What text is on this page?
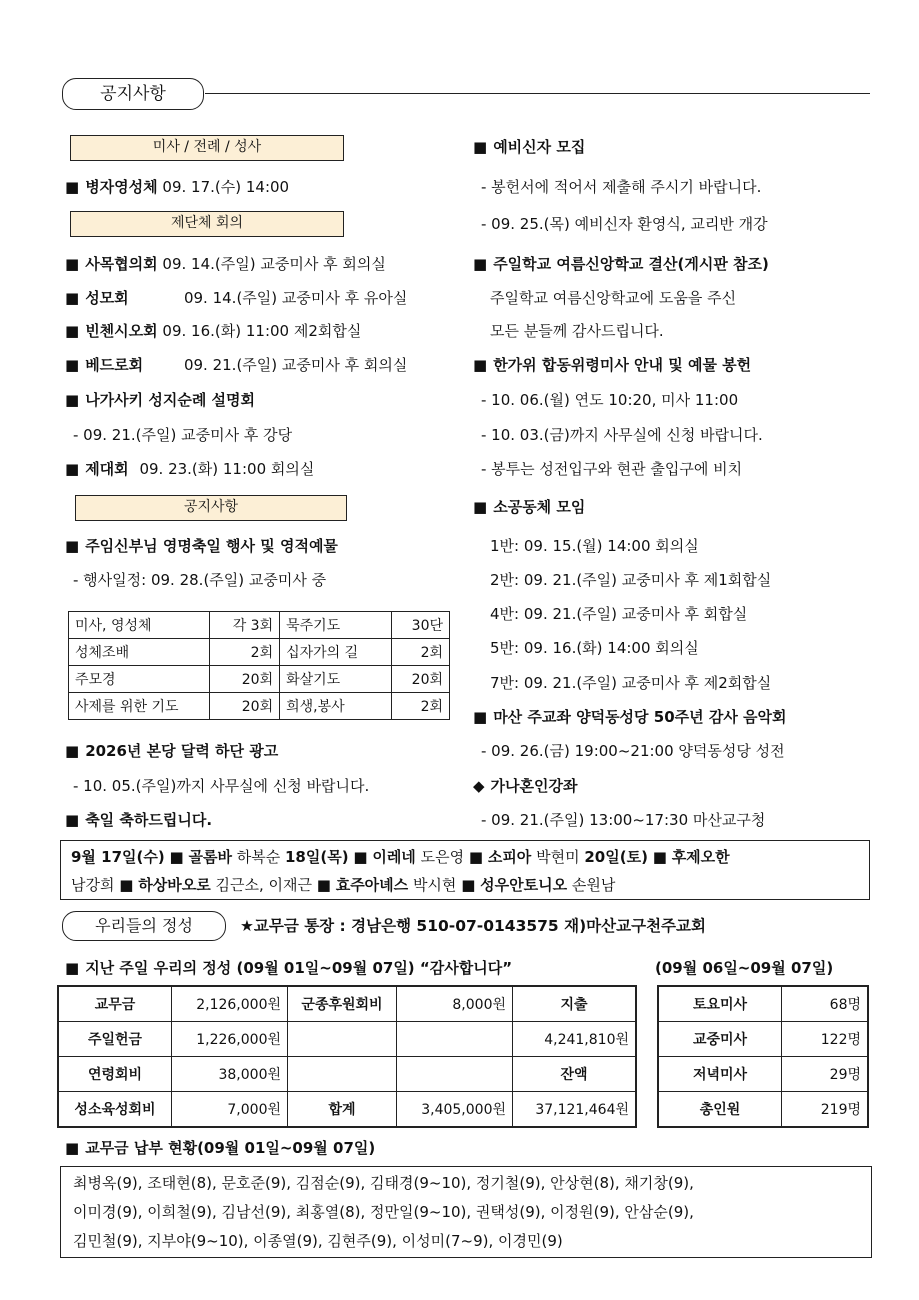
공지사항
미사 / 전례 / 성사
■ 병자영성체 09. 17.(수) 14:00
제단체 회의
■ 사목협의회 09. 14.(주일) 교중미사 후 회의실
■ 성모회	09. 14.(주일) 교중미사 후 유아실
■ 빈첸시오회 09. 16.(화) 11:00 제2회합실
■ 베드로회	09. 21.(주일) 교중미사 후 회의실
■ 나가사키 성지순례 설명회
- 09. 21.(주일) 교중미사 후 강당
■ 제대회 09. 23.(화) 11:00 회의실
공지사항
■ 주임신부님 영명축일 행사 및 영적예물
- 행사일정: 09. 28.(주일) 교중미사 중
미사, 영성체	각 3회	묵주기도	30단
성체조배	2회	십자가의 길	2회
주모경	20회	화살기도	20회
사제를 위한 기도	20회	희생,봉사	2회
■ 2026년 본당 달력 하단 광고
- 10. 05.(주일)까지 사무실에 신청 바랍니다.
■ 축일 축하드립니다.
■ 예비신자 모집
- 봉헌서에 적어서 제출해 주시기 바랍니다.
- 09. 25.(목) 예비신자 환영식, 교리반 개강
■ 주일학교 여름신앙학교 결산(게시판 참조)
주일학교 여름신앙학교에 도움을 주신
모든 분들께 감사드립니다.
■ 한가위 합동위령미사 안내 및 예물 봉헌
- 10. 06.(월) 연도 10:20, 미사 11:00
- 10. 03.(금)까지 사무실에 신청 바랍니다.
- 봉투는 성전입구와 현관 출입구에 비치
■ 소공동체 모임
1반: 09. 15.(월) 14:00 회의실
2반: 09. 21.(주일) 교중미사 후 제1회합실
4반: 09. 21.(주일) 교중미사 후 회합실
5반: 09. 16.(화) 14:00 회의실
7반: 09. 21.(주일) 교중미사 후 제2회합실
■ 마산 주교좌 양덕동성당 50주년 감사 음악회
- 09. 26.(금) 19:00~21:00 양덕동성당 성전
◆ 가나혼인강좌
- 09. 21.(주일) 13:00~17:30 마산교구청
9월 17일(수) ■ 골롬바 하복순 18일(목) ■ 이레네 도은영 ■ 소피아 박현미 20일(토) ■ 후제오한
남강희 ■ 하상바오로 김근소, 이재근 ■ 효주아녜스 박시현 ■ 성우안토니오 손원남
우리들의 정성	★교무금 통장 : 경남은행 510-07-0143575 재)마산교구천주교회
■ 지난 주일 우리의 정성 (09월 01일~09월 07일) “감사합니다”	(09월 06일~09월 07일)
교무금	2,126,000원	군종후원회비	8,000원	지출
주일헌금	1,226,000원			4,241,810원
연령회비	38,000원			잔액
성소육성회비	7,000원	합계	3,405,000원	37,121,464원
토요미사	68명
교중미사	122명
저녁미사	29명
총인원	219명
■ 교무금 납부 현황(09월 01일~09월 07일)
최병옥(9), 조태현(8), 문호준(9), 김점순(9), 김태경(9~10), 정기철(9), 안상현(8), 채기창(9),
이미경(9), 이희철(9), 김남선(9), 최홍열(8), 정만일(9~10), 권택성(9), 이정원(9), 안삼순(9),
김민철(9), 지부야(9~10), 이종열(9), 김현주(9), 이성미(7~9), 이경민(9)
